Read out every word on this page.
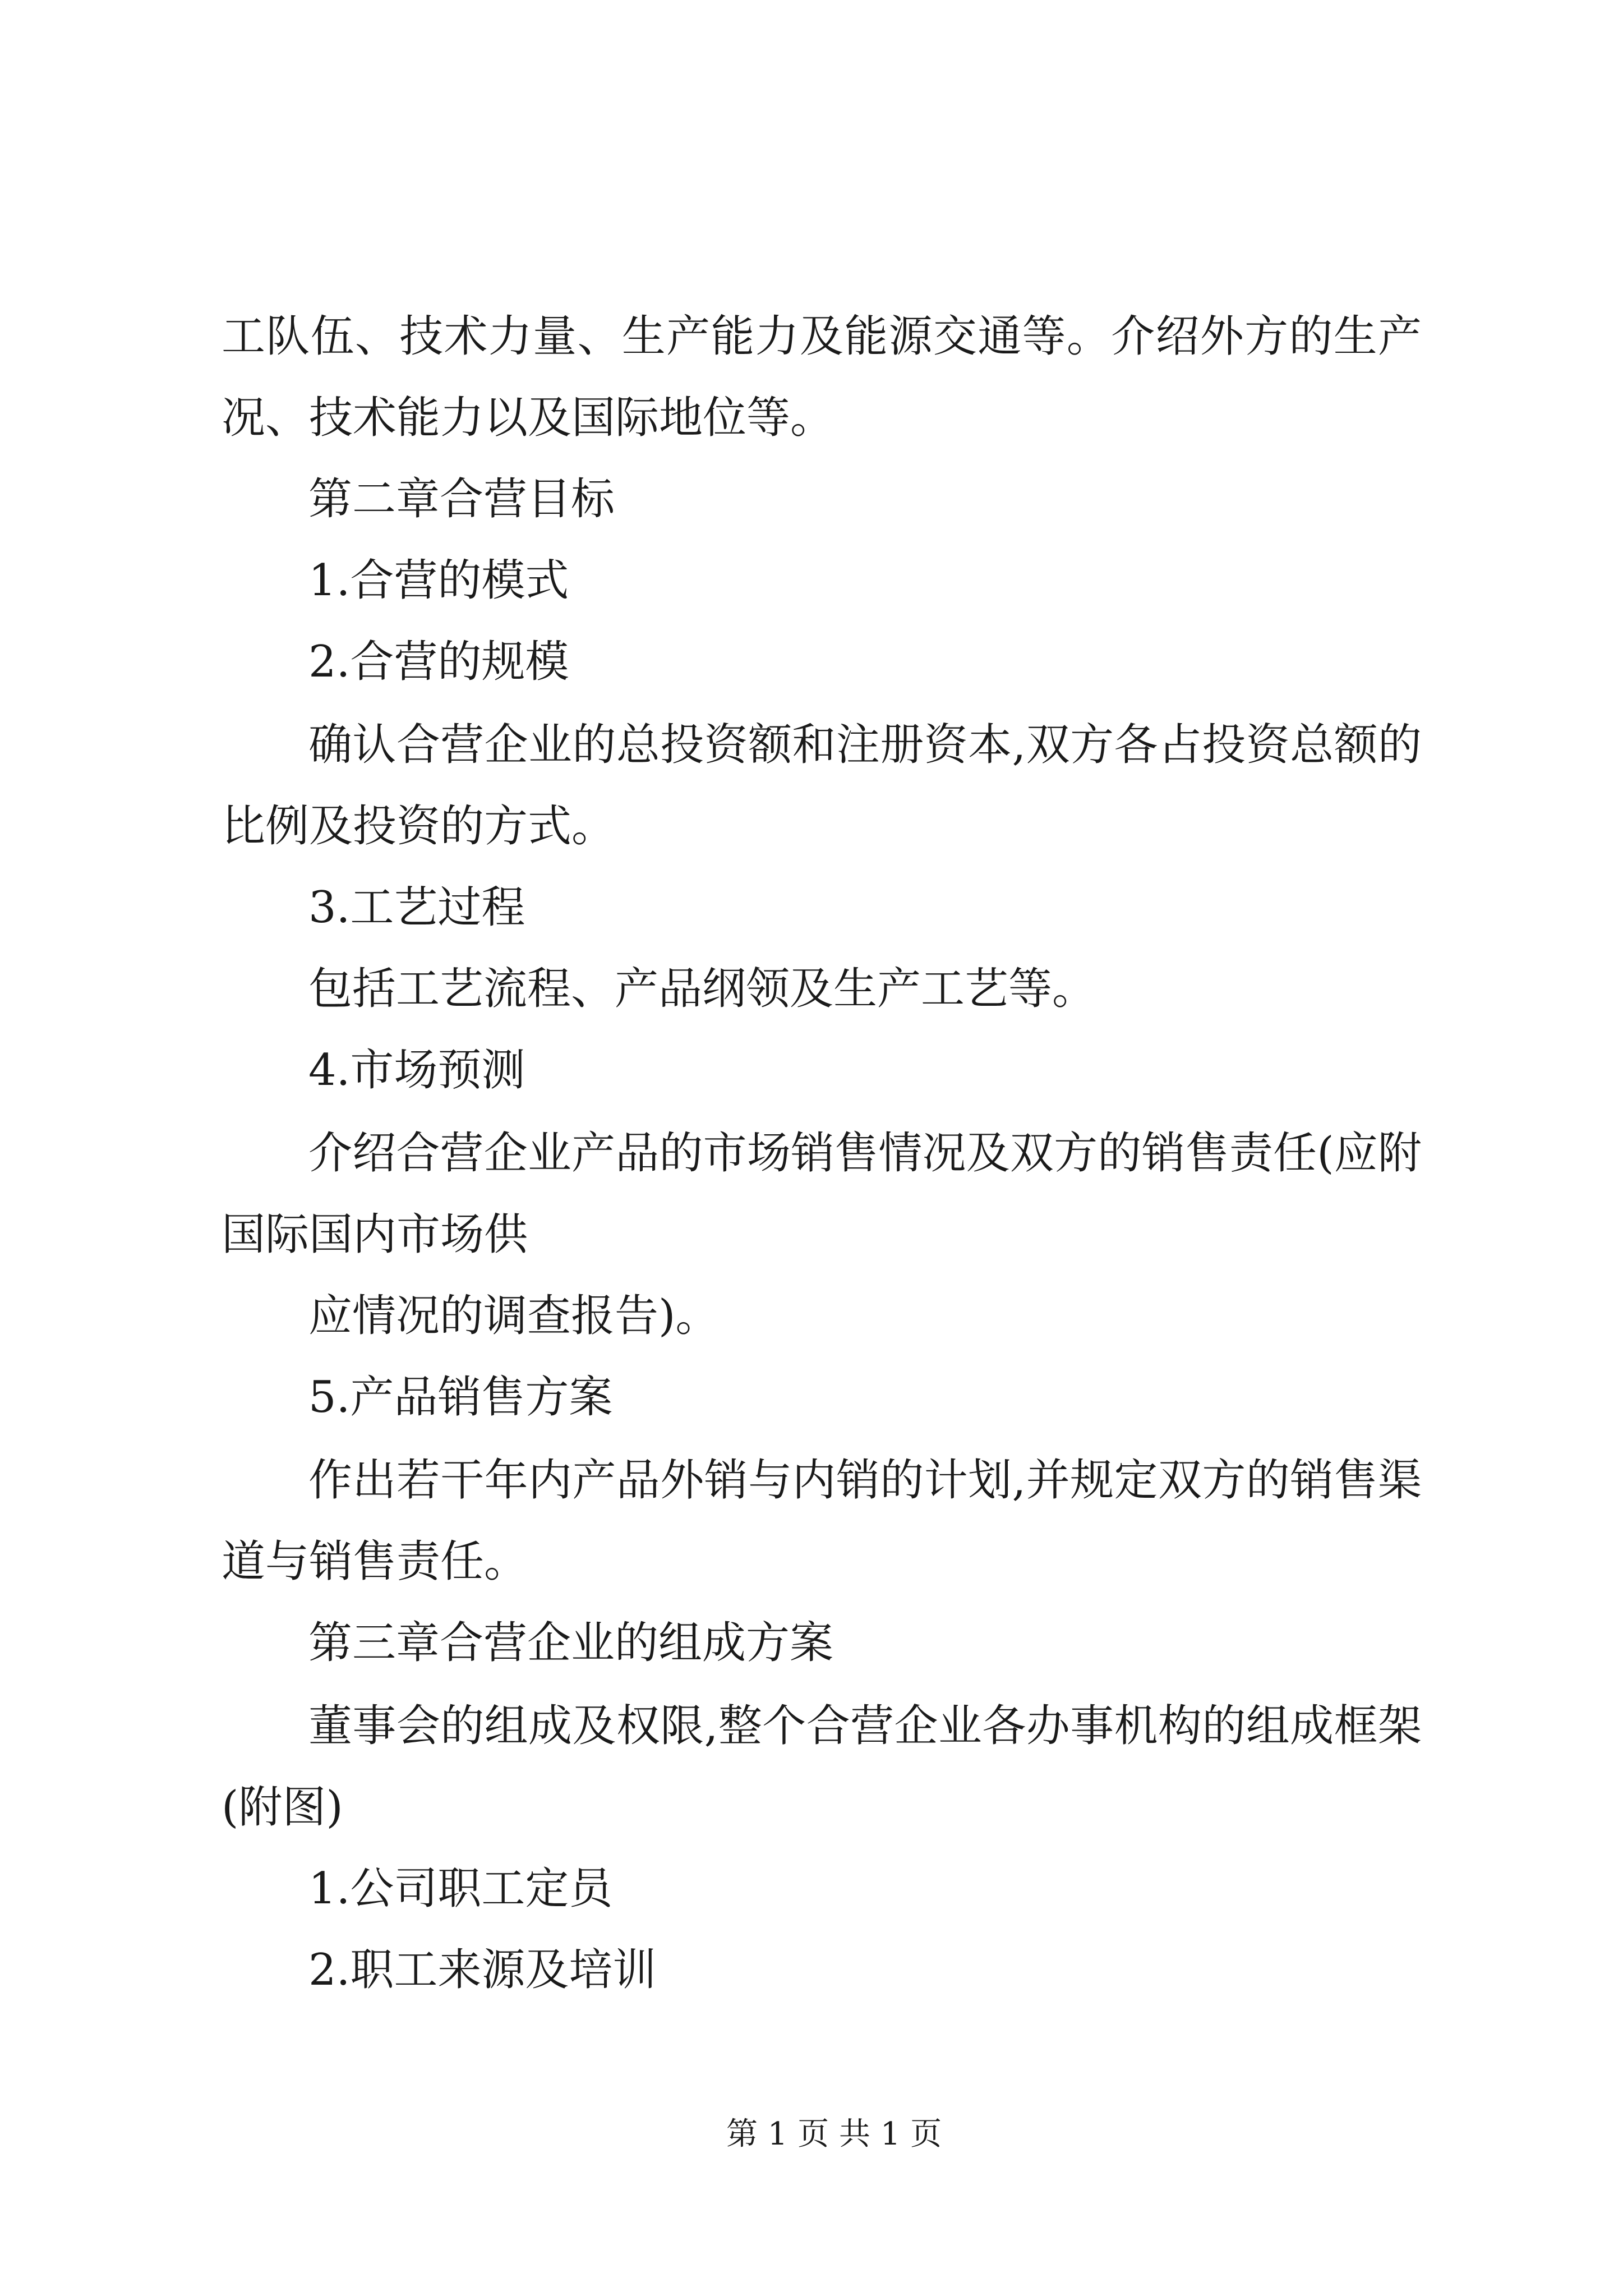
工队伍、技术力量、生产能力及能源交通等。介绍外方的生产
况、技术能力以及国际地位等。
第二章合营目标
1.合营的模式
2.合营的规模
确认合营企业的总投资额和注册资本,双方各占投资总额的
比例及投资的方式。
3.工艺过程
包括工艺流程、产品纲领及生产工艺等。
4.市场预测
介绍合营企业产品的市场销售情况及双方的销售责任(应附
国际国内市场供
应情况的调查报告)。
5.产品销售方案
作出若干年内产品外销与内销的计划,并规定双方的销售渠
道与销售责任。
第三章合营企业的组成方案
董事会的组成及权限,整个合营企业各办事机构的组成框架
(附图)
1.公司职工定员
2.职工来源及培训
第 1 页 共 1 页
